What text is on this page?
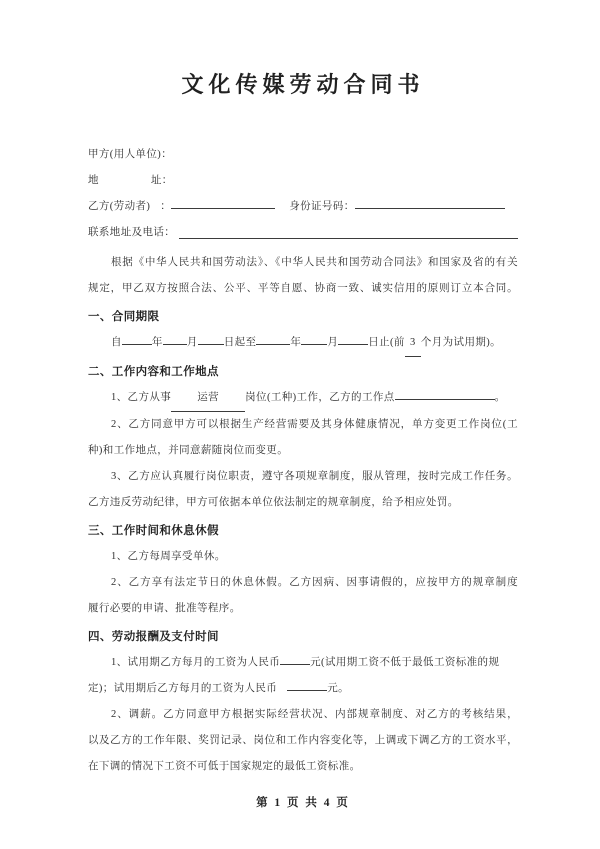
文化传媒劳动合同书
甲方(用人单位)：
地	址：
乙方(劳动者) ：	身份证号码：
联系地址及电话：
根据《中华人民共和国劳动法》、《中华人民共和国劳动合同法》和国家及省的有关
规定，甲乙双方按照合法、公平、平等自愿、协商一致、诚实信用的原则订立本合同。
一、合同期限
自	年 月 日起至	年 月	日止(前 3 个月为试用期)。
二、工作内容和工作地点
1、乙方从事 运营 岗位(工种)工作，乙方的工作点	。
2、乙方同意甲方可以根据生产经营需要及其身体健康情况，单方变更工作岗位(工
种)和工作地点，并同意薪随岗位而变更。
3、乙方应认真履行岗位职责，遵守各项规章制度，服从管理，按时完成工作任务。
乙方违反劳动纪律，甲方可依据本单位依法制定的规章制度，给予相应处罚。
三、工作时间和休息休假
1、乙方每周享受单休。
2、乙方享有法定节日的休息休假。乙方因病、因事请假的，应按甲方的规章制度
履行必要的申请、批准等程序。
四、劳动报酬及支付时间
1、试用期乙方每月的工资为人民币	元(试用期工资不低于最低工资标准的规
定)；试用期后乙方每月的工资为人民币	元。
2、调薪。乙方同意甲方根据实际经营状况、内部规章制度、对乙方的考核结果，
以及乙方的工作年限、奖罚记录、岗位和工作内容变化等，上调或下调乙方的工资水平，
在下调的情况下工资不可低于国家规定的最低工资标准。
第 1 页 共 4 页
